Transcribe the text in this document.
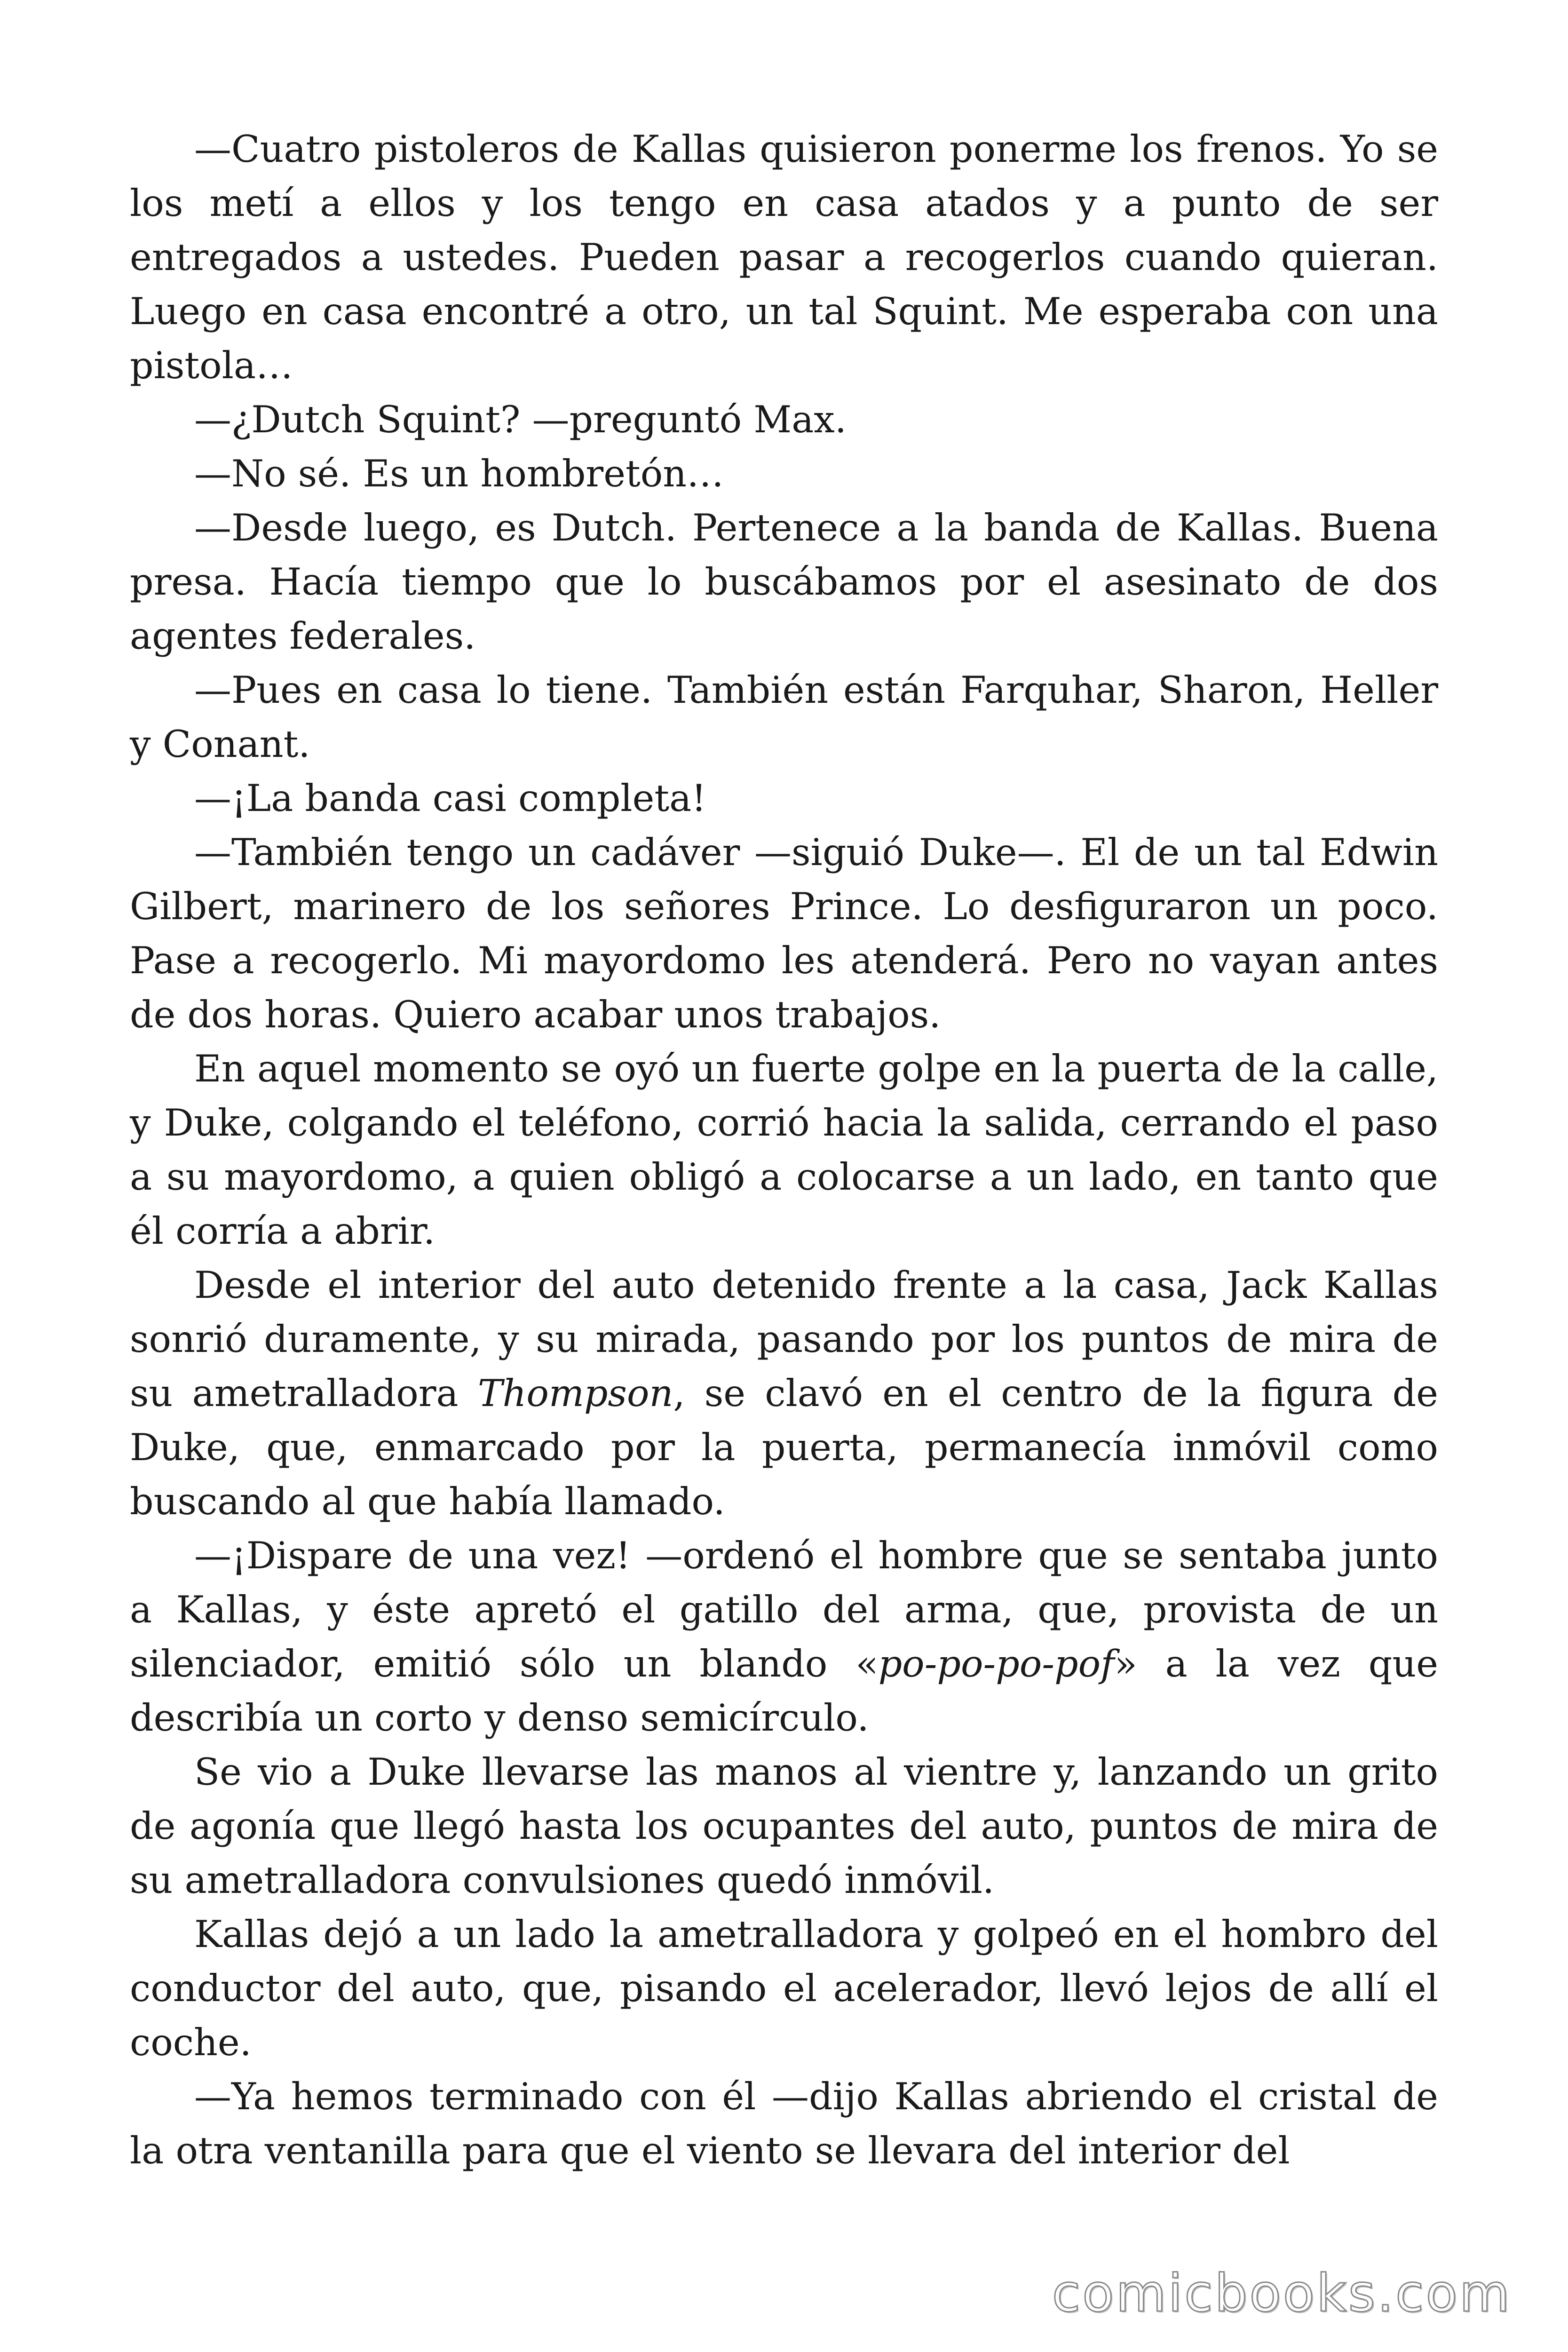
—Cuatro pistoleros de Kallas quisieron ponerme los frenos. Yo se los metí a ellos y los tengo en casa atados y a punto de ser entregados a ustedes. Pueden pasar a recogerlos cuando quieran. Luego en casa encontré a otro, un tal Squint. Me esperaba con una pistola…

—¿Dutch Squint? —preguntó Max.

—No sé. Es un hombretón…

—Desde luego, es Dutch. Pertenece a la banda de Kallas. Buena presa. Hacía tiempo que lo buscábamos por el asesinato de dos agentes federales.

—Pues en casa lo tiene. También están Farquhar, Sharon, Heller y Conant.

—¡La banda casi completa!

—También tengo un cadáver —siguió Duke—. El de un tal Edwin Gilbert, marinero de los señores Prince. Lo desfiguraron un poco. Pase a recogerlo. Mi mayordomo les atenderá. Pero no vayan antes de dos horas. Quiero acabar unos trabajos.

En aquel momento se oyó un fuerte golpe en la puerta de la calle, y Duke, colgando el teléfono, corrió hacia la salida, cerrando el paso a su mayordomo, a quien obligó a colocarse a un lado, en tanto que él corría a abrir.

Desde el interior del auto detenido frente a la casa, Jack Kallas sonrió duramente, y su mirada, pasando por los puntos de mira de su ametralladora Thompson, se clavó en el centro de la figura de Duke, que, enmarcado por la puerta, permanecía inmóvil como buscando al que había llamado.

—¡Dispare de una vez! —ordenó el hombre que se sentaba junto a Kallas, y éste apretó el gatillo del arma, que, provista de un silenciador, emitió sólo un blando «po-po-po-pof» a la vez que describía un corto y denso semicírculo.

Se vio a Duke llevarse las manos al vientre y, lanzando un grito de agonía que llegó hasta los ocupantes del auto, puntos de mira de su ametralladora convulsiones quedó inmóvil.

Kallas dejó a un lado la ametralladora y golpeó en el hombro del conductor del auto, que, pisando el acelerador, llevó lejos de allí el coche.

—Ya hemos terminado con él —dijo Kallas abriendo el cristal de la otra ventanilla para que el viento se llevara del interior del

comicbooks.com
